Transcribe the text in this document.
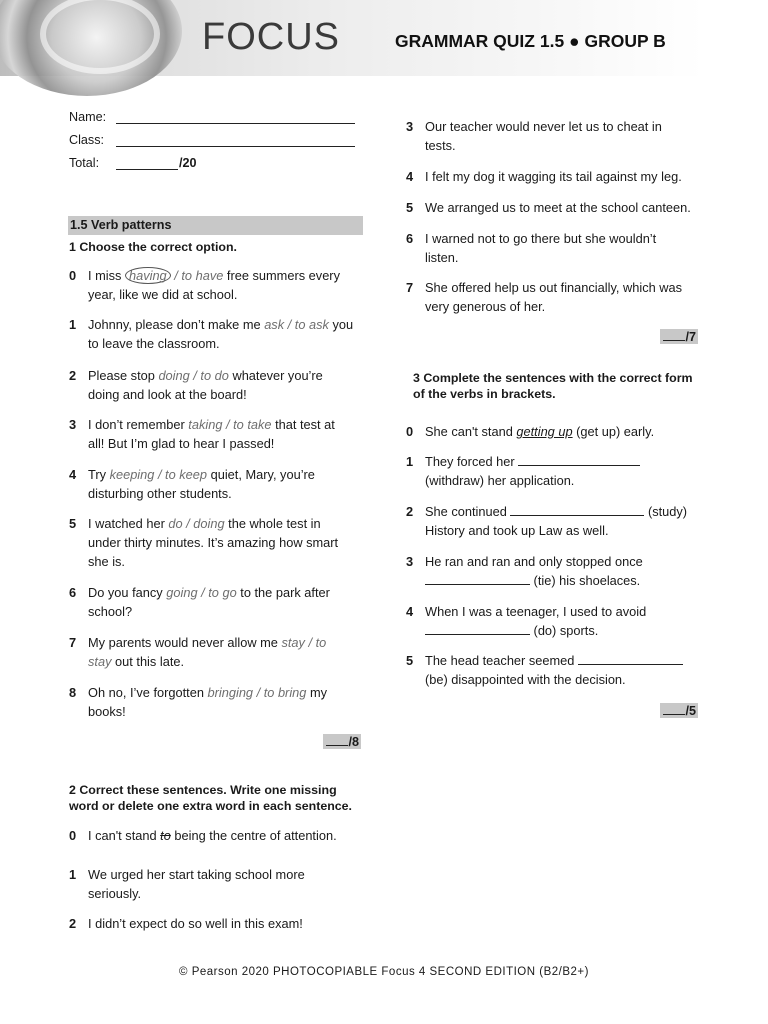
FOCUS	GRAMMAR QUIZ 1.5 ● GROUP B
Name:
Class:
Total:	/20
1.5 Verb patterns
1 Choose the correct option.
0 I miss having / to have free summers every
year, like we did at school.
1 Johnny, please don’t make me ask / to ask you
to leave the classroom.
2 Please stop doing / to do whatever you’re
doing and look at the board!
3 I don’t remember taking / to take that test at
all! But I’m glad to hear I passed!
4 Try keeping / to keep quiet, Mary, you’re
disturbing other students.
5 I watched her do / doing the whole test in
under thirty minutes. It’s amazing how smart
she is.
6 Do you fancy going / to go to the park after
school?
7 My parents would never allow me stay / to
stay out this late.
8 Oh no, I’ve forgotten bringing / to bring my
books!
/8
2 Correct these sentences. Write one missing
word or delete one extra word in each sentence.
0 I can't stand to being the centre of attention.
1 We urged her start taking school more
seriously.
2 I didn’t expect do so well in this exam!
3 Our teacher would never let us to cheat in
tests.
4 I felt my dog it wagging its tail against my leg.
5 We arranged us to meet at the school canteen.
6 I warned not to go there but she wouldn’t
listen.
7 She offered help us out financially, which was
very generous of her.
/7
3 Complete the sentences with the correct form
of the verbs in brackets.
0 She can't stand getting up (get up) early.
1 They forced her
(withdraw) her application.
2 She continued	(study)
History and took up Law as well.
3 He ran and ran and only stopped once
(tie) his shoelaces.
4 When I was a teenager, I used to avoid
(do) sports.
5 The head teacher seemed
(be) disappointed with the decision.
/5
© Pearson 2020 PHOTOCOPIABLE Focus 4 SECOND EDITION (B2/B2+)
